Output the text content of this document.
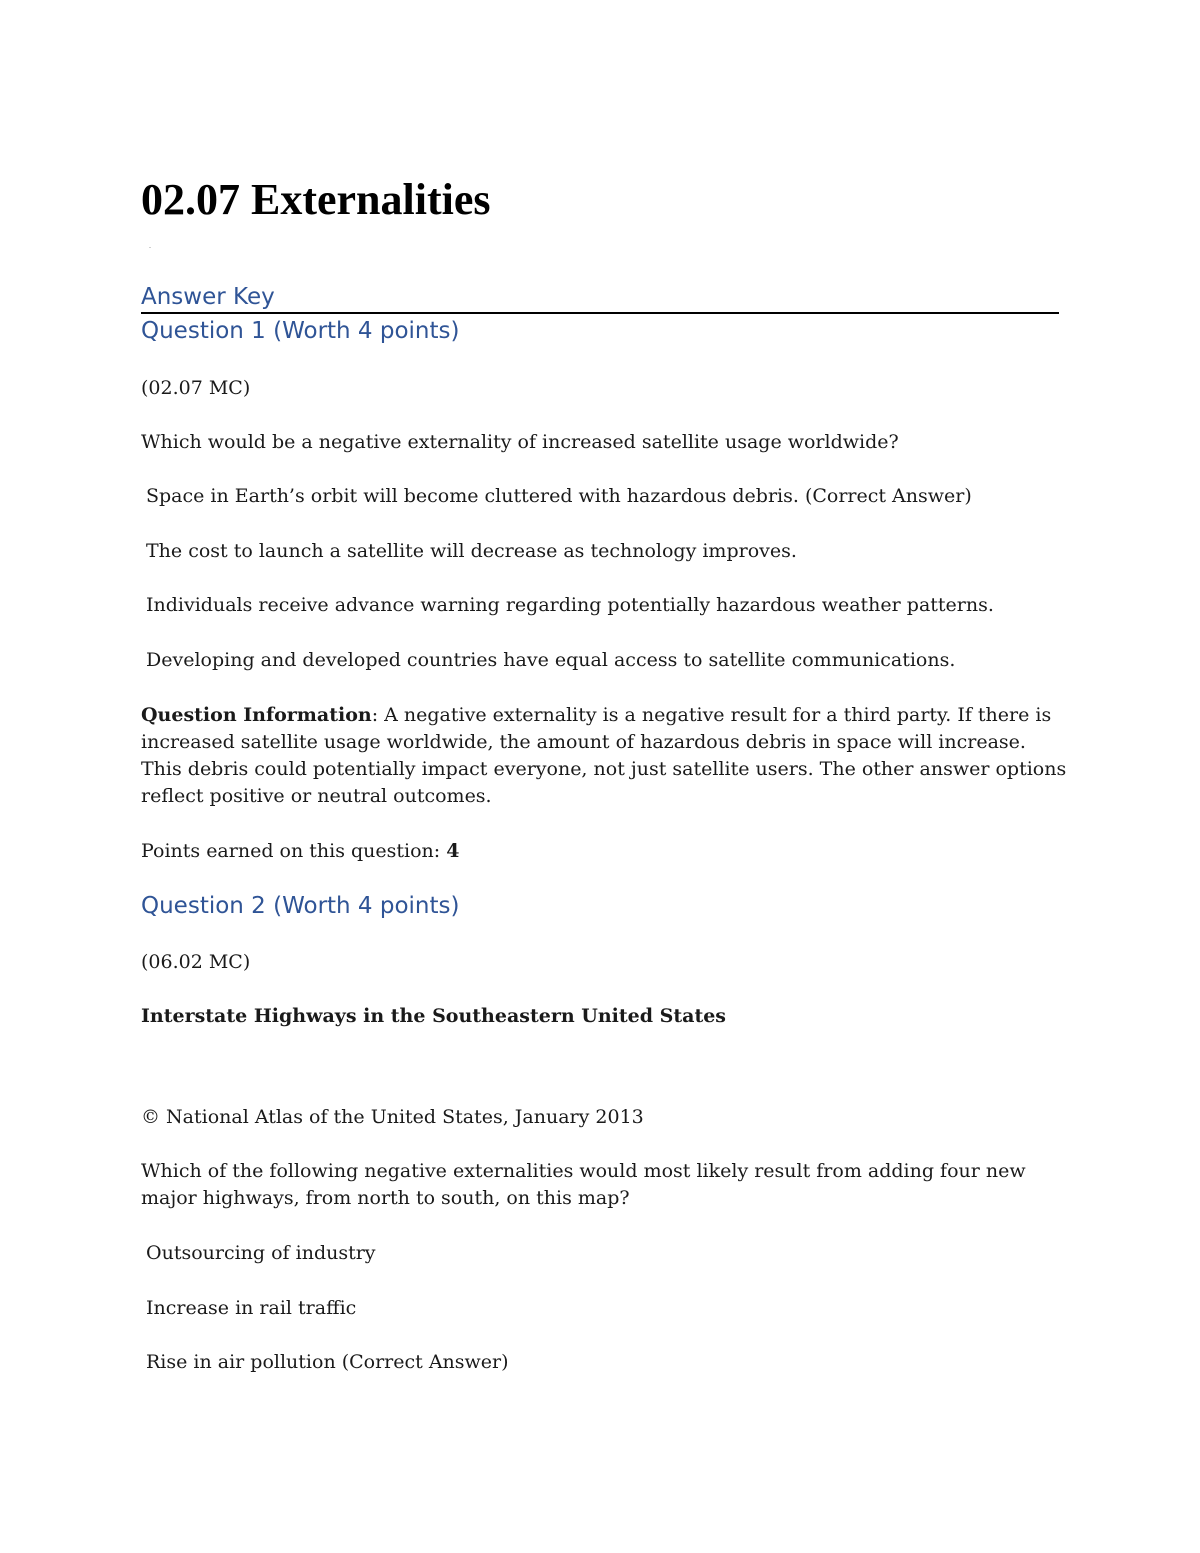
02.07 Externalities
Answer Key
Question 1 (Worth 4 points)

(02.07 MC)

Which would be a negative externality of increased satellite usage worldwide?

Space in Earth’s orbit will become cluttered with hazardous debris. (Correct Answer)

The cost to launch a satellite will decrease as technology improves.

Individuals receive advance warning regarding potentially hazardous weather patterns.

Developing and developed countries have equal access to satellite communications.

Question Information: A negative externality is a negative result for a third party. If there is increased satellite usage worldwide, the amount of hazardous debris in space will increase. This debris could potentially impact everyone, not just satellite users. The other answer options reflect positive or neutral outcomes.

Points earned on this question: 4

Question 2 (Worth 4 points)

(06.02 MC)

Interstate Highways in the Southeastern United States

© National Atlas of the United States, January 2013

Which of the following negative externalities would most likely result from adding four new major highways, from north to south, on this map?

Outsourcing of industry

Increase in rail traffic

Rise in air pollution (Correct Answer)
